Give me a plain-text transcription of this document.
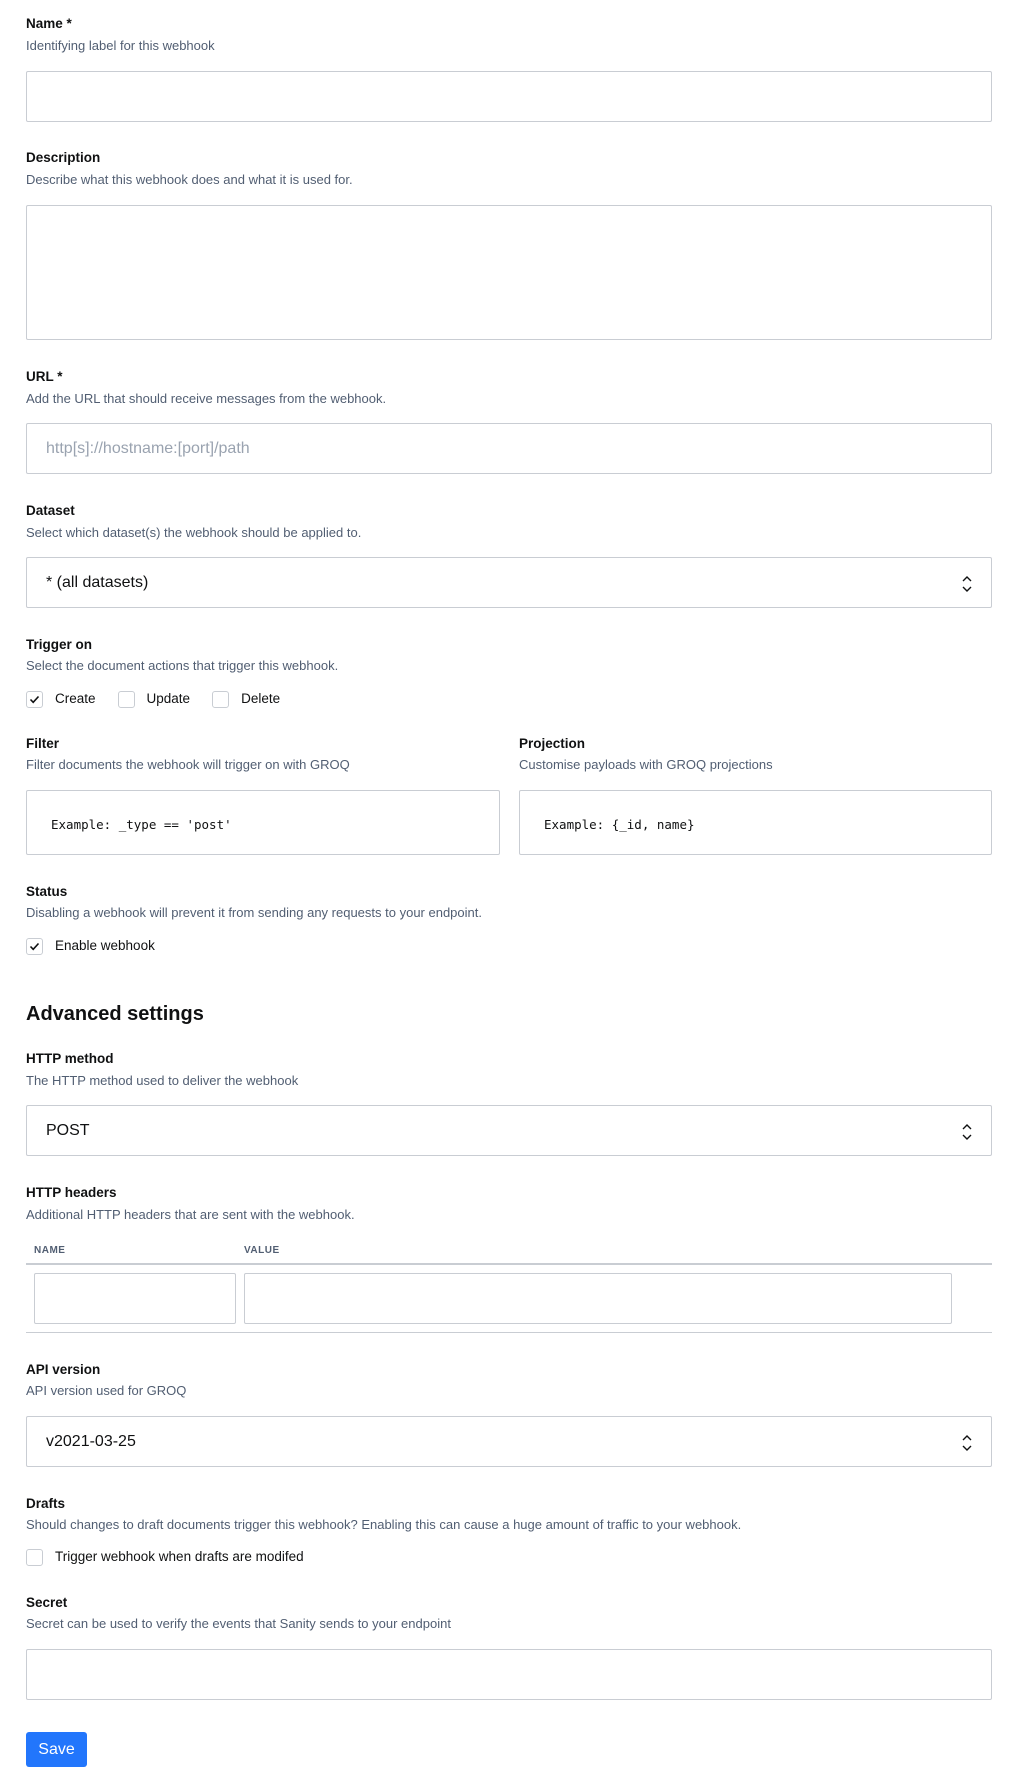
Name *
Identifying label for this webhook
Description
Describe what this webhook does and what it is used for.
URL *
Add the URL that should receive messages from the webhook.
http[s]://hostname:[port]/path
Dataset
Select which dataset(s) the webhook should be applied to.
* (all datasets)
Trigger on
Select the document actions that trigger this webhook.
Create	Update	Delete
Filter
Filter documents the webhook will trigger on with GROQ
Example: _type == 'post'
Projection
Customise payloads with GROQ projections
Example: {_id, name}
Status
Disabling a webhook will prevent it from sending any requests to your endpoint.
Enable webhook
Advanced settings
HTTP method
The HTTP method used to deliver the webhook
POST
HTTP headers
Additional HTTP headers that are sent with the webhook.
NAME	VALUE
API version
API version used for GROQ
v2021-03-25
Drafts
Should changes to draft documents trigger this webhook? Enabling this can cause a huge amount of traffic to your webhook.
Trigger webhook when drafts are modifed
Secret
Secret can be used to verify the events that Sanity sends to your endpoint
Save
